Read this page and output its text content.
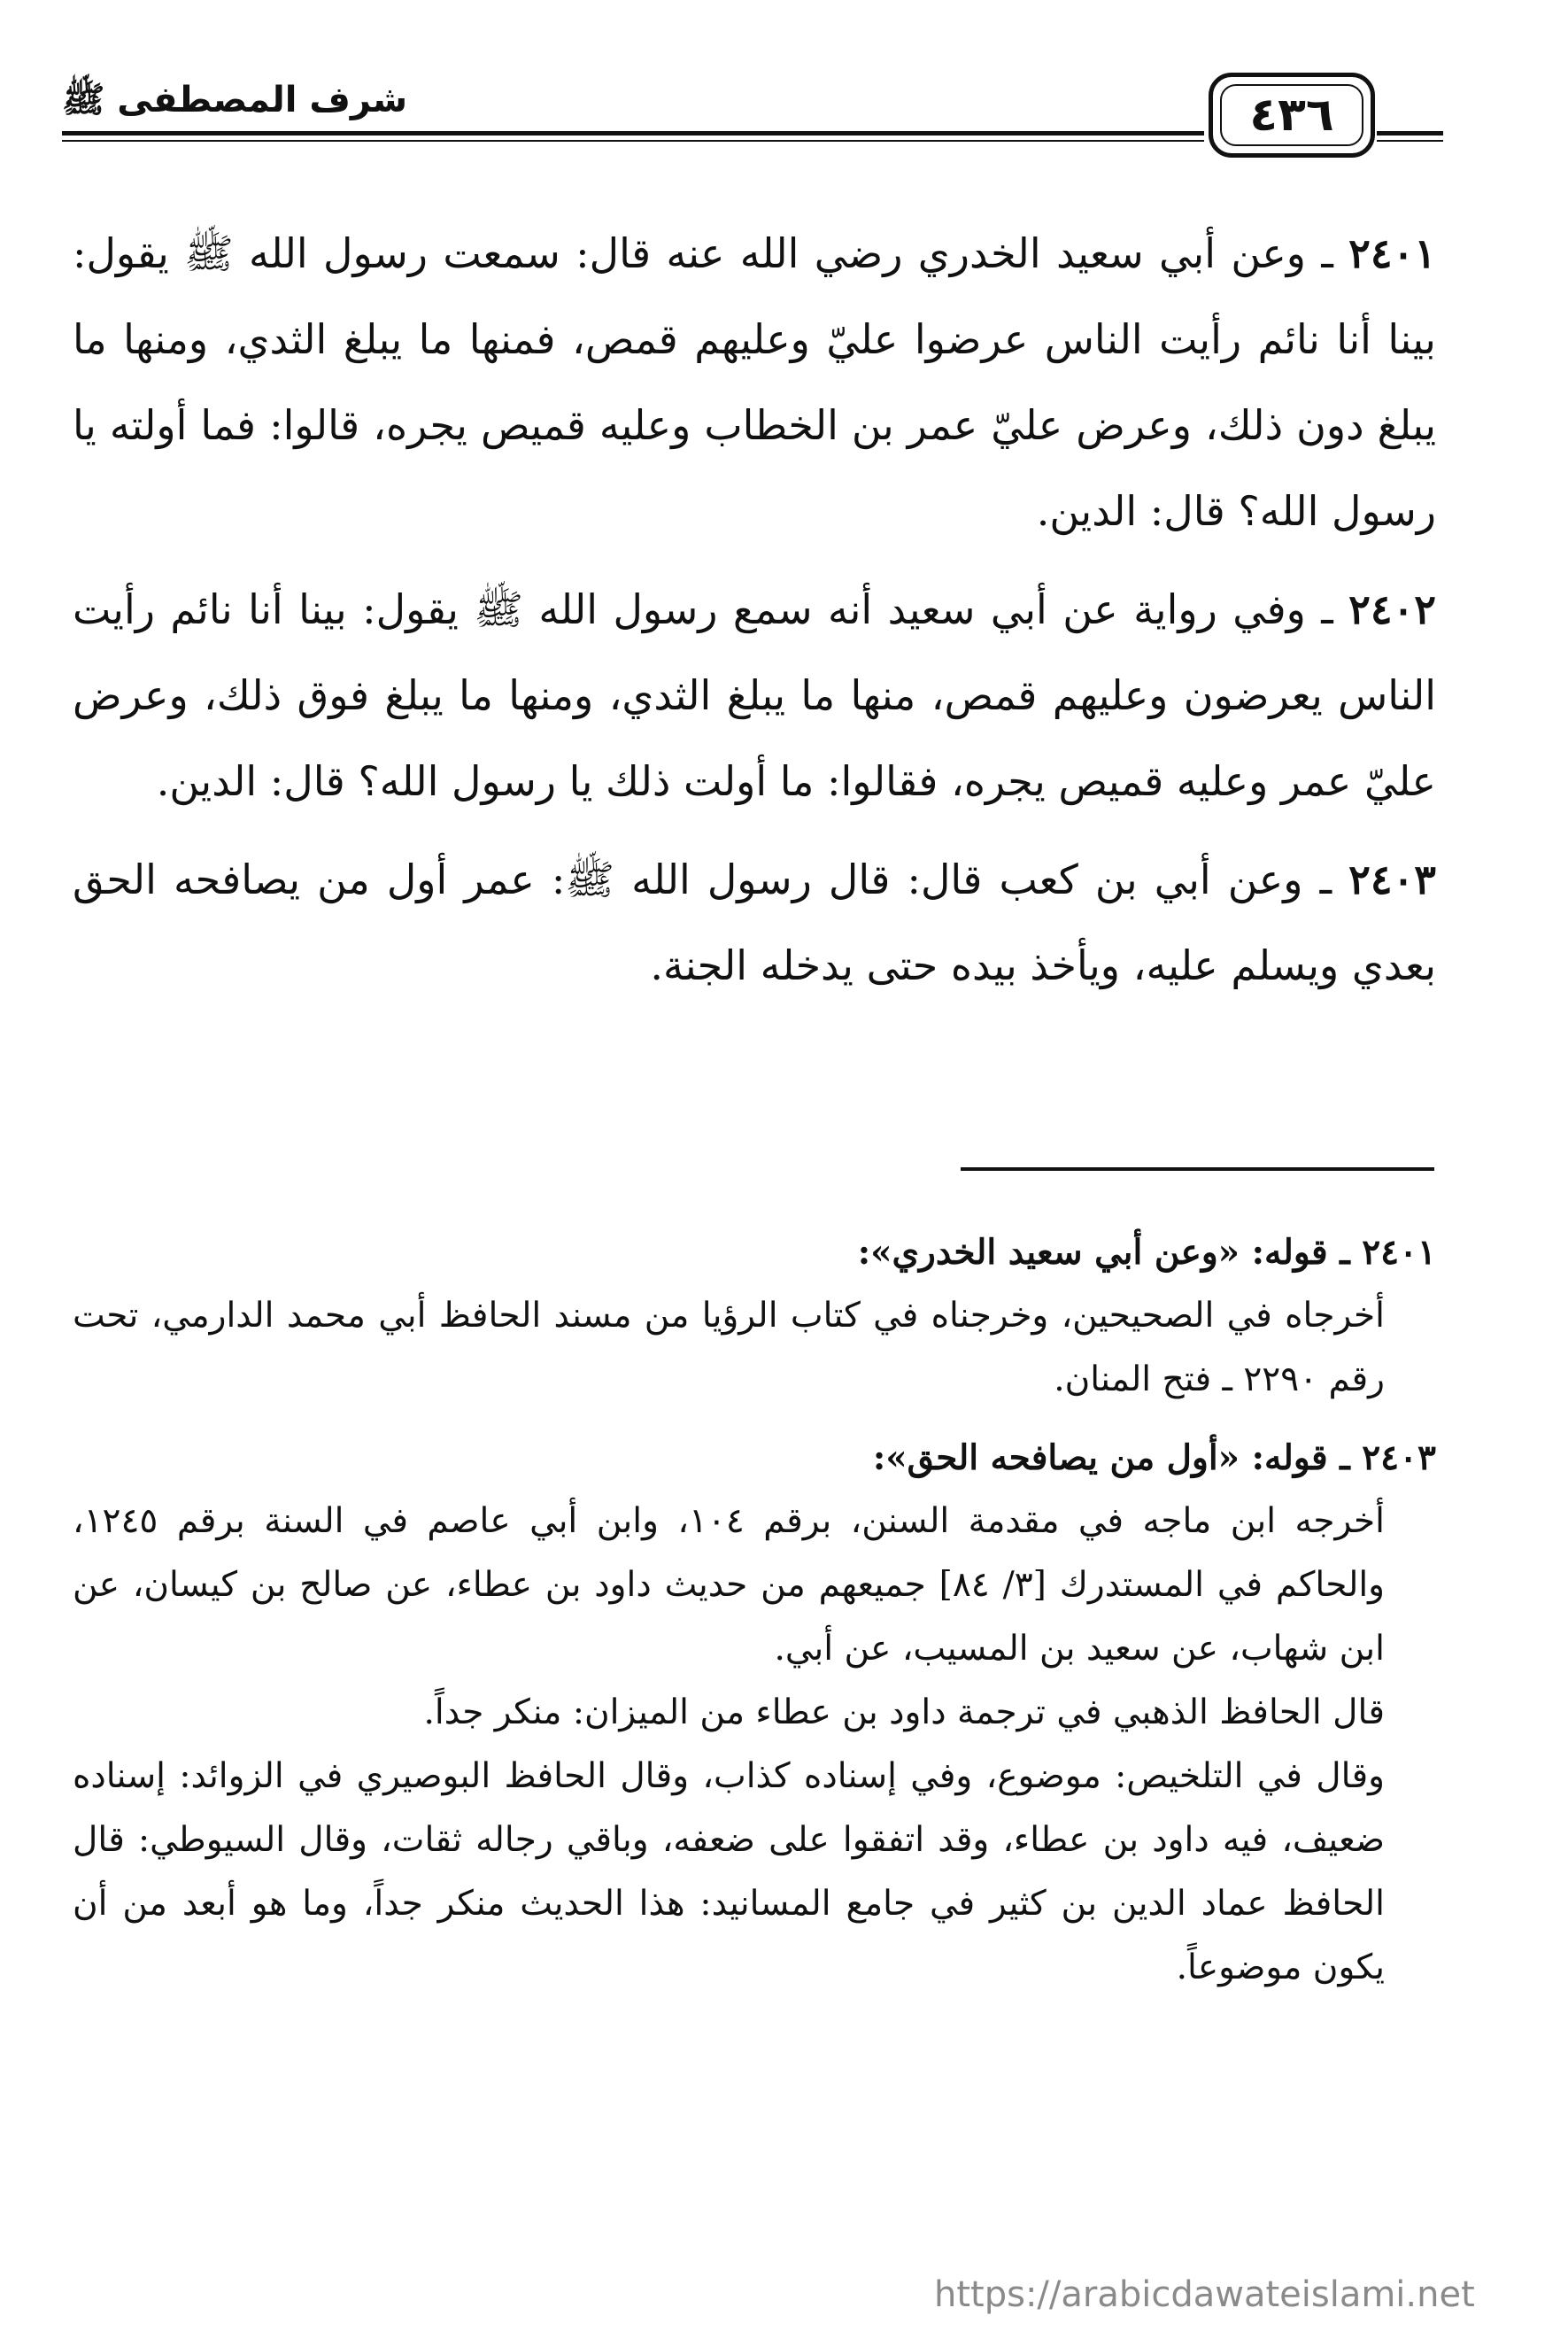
شرف المصطفى ﷺ	٤٣٦

٢٤٠١ ـ وعن أبي سعيد الخدري رضي الله عنه قال: سمعت رسول الله ﷺ يقول: بينا أنا نائم رأيت الناس عرضوا عليّ وعليهم قمص، فمنها ما يبلغ الثدي، ومنها ما يبلغ دون ذلك، وعرض عليّ عمر بن الخطاب وعليه قميص يجره، قالوا: فما أولته يا رسول الله؟ قال: الدين.

٢٤٠٢ ـ وفي رواية عن أبي سعيد أنه سمع رسول الله ﷺ يقول: بينا أنا نائم رأيت الناس يعرضون وعليهم قمص، منها ما يبلغ الثدي، ومنها ما يبلغ فوق ذلك، وعرض عليّ عمر وعليه قميص يجره، فقالوا: ما أولت ذلك يا رسول الله؟ قال: الدين.

٢٤٠٣ ـ وعن أبي بن كعب قال: قال رسول الله ﷺ: عمر أول من يصافحه الحق بعدي ويسلم عليه، ويأخذ بيده حتى يدخله الجنة.

٢٤٠١ ـ قوله: «وعن أبي سعيد الخدري»:

أخرجاه في الصحيحين، وخرجناه في كتاب الرؤيا من مسند الحافظ أبي محمد الدارمي، تحت رقم ٢٢٩٠ ـ فتح المنان.

٢٤٠٣ ـ قوله: «أول من يصافحه الحق»:

أخرجه ابن ماجه في مقدمة السنن، برقم ١٠٤، وابن أبي عاصم في السنة برقم ١٢٤٥، والحاكم في المستدرك [٣/ ٨٤] جميعهم من حديث داود بن عطاء، عن صالح بن كيسان، عن ابن شهاب، عن سعيد بن المسيب، عن أبي.

قال الحافظ الذهبي في ترجمة داود بن عطاء من الميزان: منكر جداً.

وقال في التلخيص: موضوع، وفي إسناده كذاب، وقال الحافظ البوصيري في الزوائد: إسناده ضعيف، فيه داود بن عطاء، وقد اتفقوا على ضعفه، وباقي رجاله ثقات، وقال السيوطي: قال الحافظ عماد الدين بن كثير في جامع المسانيد: هذا الحديث منكر جداً، وما هو أبعد من أن يكون موضوعاً.

https://arabicdawateislami.net
